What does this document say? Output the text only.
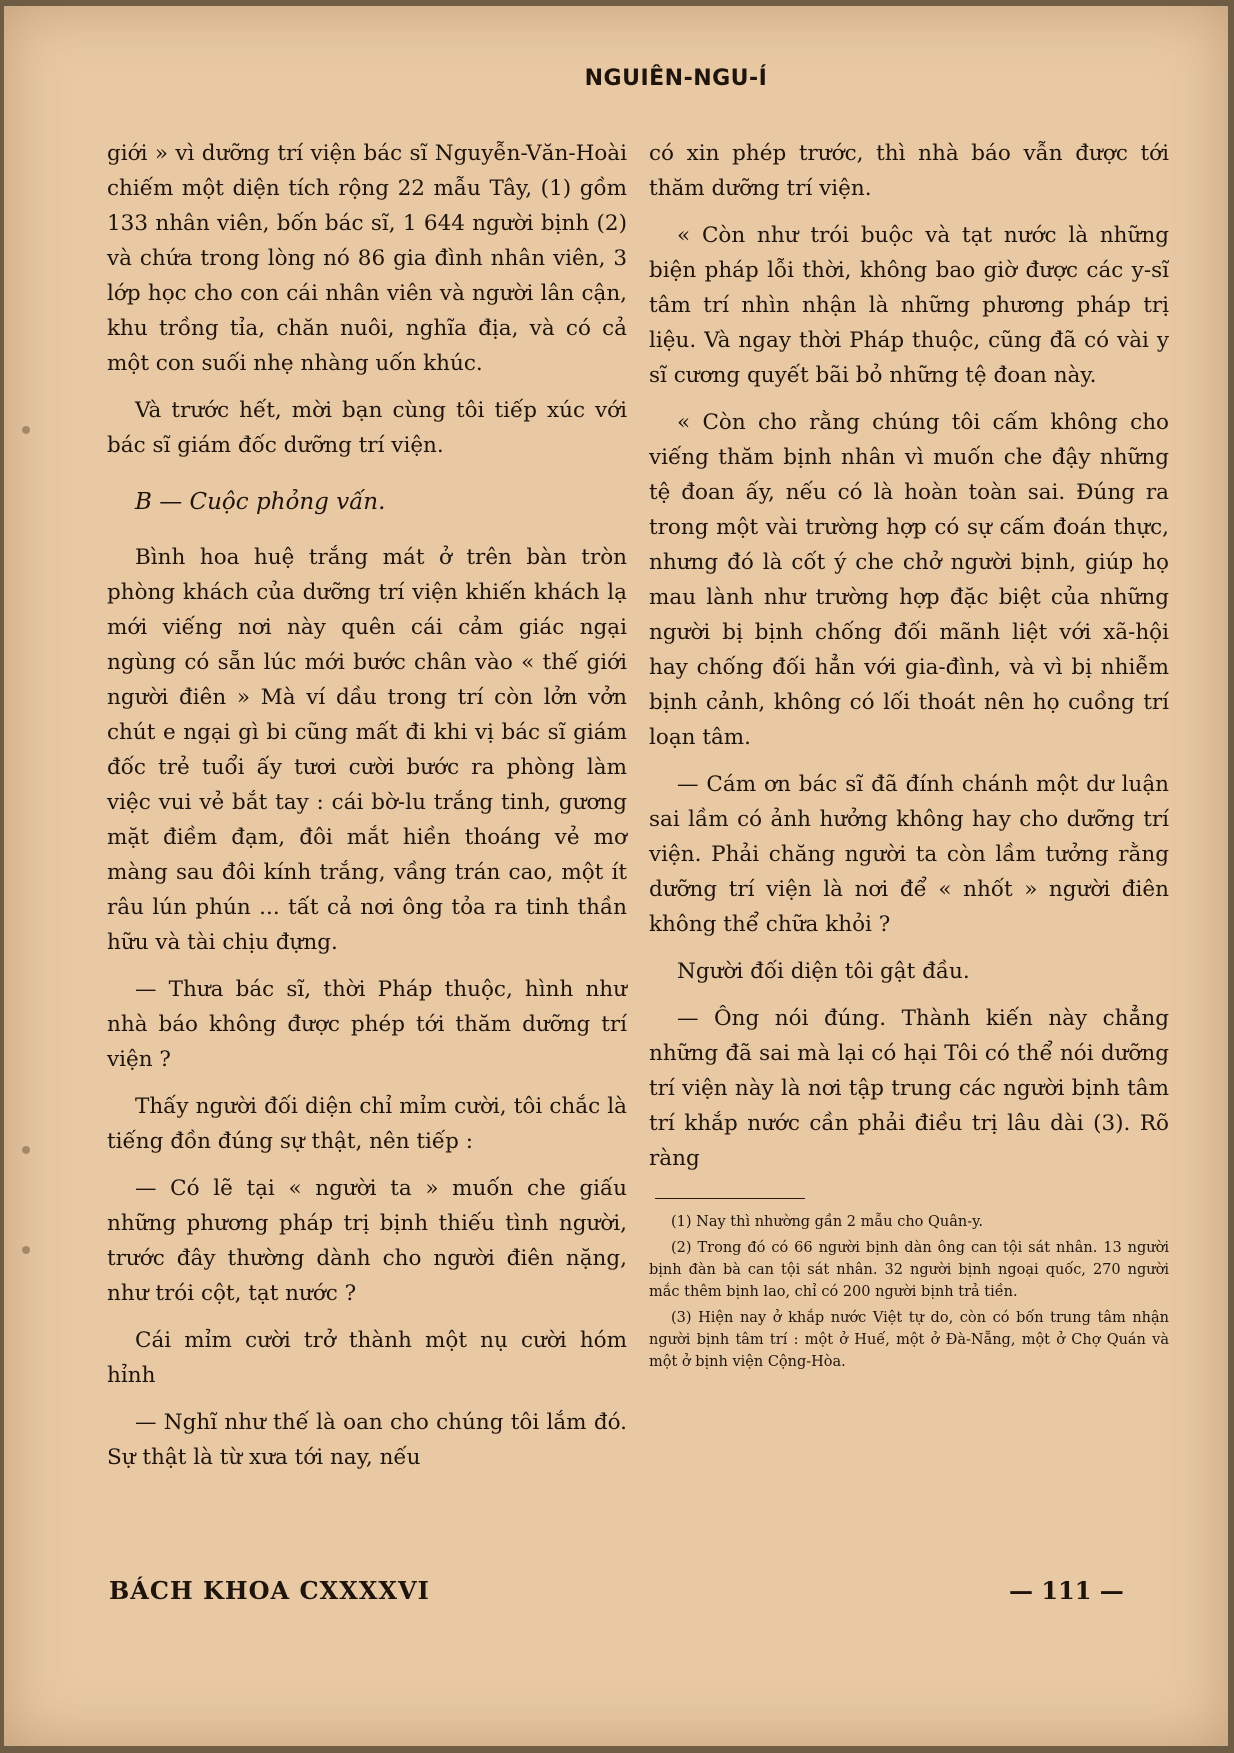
NGUIÊN-NGU-Í

giới » vì dưỡng trí viện bác sĩ Nguyễn-Văn-Hoài chiếm một diện tích rộng 22 mẫu Tây, (1) gồm 133 nhân viên, bốn bác sĩ, 1 644 người bịnh (2) và chứa trong lòng nó 86 gia đình nhân viên, 3 lớp học cho con cái nhân viên và người lân cận, khu trồng tỉa, chăn nuôi, nghĩa địa, và có cả một con suối nhẹ nhàng uốn khúc.

Và trước hết, mời bạn cùng tôi tiếp xúc với bác sĩ giám đốc dưỡng trí viện.

B — Cuộc phỏng vấn.

Bình hoa huệ trắng mát ở trên bàn tròn phòng khách của dưỡng trí viện khiến khách lạ mới viếng nơi này quên cái cảm giác ngại ngùng có sẵn lúc mới bước chân vào « thế giới người điên » Mà ví dầu trong trí còn lởn vởn chút e ngại gì bi cũng mất đi khi vị bác sĩ giám đốc trẻ tuổi ấy tươi cười bước ra phòng làm việc vui vẻ bắt tay : cái bờ-lu trắng tinh, gương mặt điềm đạm, đôi mắt hiền thoáng vẻ mơ màng sau đôi kính trắng, vầng trán cao, một ít râu lún phún ... tất cả nơi ông tỏa ra tinh thần hữu và tài chịu đựng.

— Thưa bác sĩ, thời Pháp thuộc, hình như nhà báo không được phép tới thăm dưỡng trí viện ?

Thấy người đối diện chỉ mỉm cười, tôi chắc là tiếng đồn đúng sự thật, nên tiếp :

— Có lẽ tại « người ta » muốn che giấu những phương pháp trị bịnh thiếu tình người, trước đây thường dành cho người điên nặng, như trói cột, tạt nước ?

Cái mỉm cười trở thành một nụ cười hóm hỉnh

— Nghĩ như thế là oan cho chúng tôi lắm đó. Sự thật là từ xưa tới nay, nếu

có xin phép trước, thì nhà báo vẫn được tới thăm dưỡng trí viện.

« Còn như trói buộc và tạt nước là những biện pháp lỗi thời, không bao giờ được các y-sĩ tâm trí nhìn nhận là những phương pháp trị liệu. Và ngay thời Pháp thuộc, cũng đã có vài y sĩ cương quyết bãi bỏ những tệ đoan này.

« Còn cho rằng chúng tôi cấm không cho viếng thăm bịnh nhân vì muốn che đậy những tệ đoan ấy, nếu có là hoàn toàn sai. Đúng ra trong một vài trường hợp có sự cấm đoán thực, nhưng đó là cốt ý che chở người bịnh, giúp họ mau lành như trường hợp đặc biệt của những người bị bịnh chống đối mãnh liệt với xã-hội hay chống đối hẳn với gia-đình, và vì bị nhiễm bịnh cảnh, không có lối thoát nên họ cuồng trí loạn tâm.

— Cám ơn bác sĩ đã đính chánh một dư luận sai lầm có ảnh hưởng không hay cho dưỡng trí viện. Phải chăng người ta còn lầm tưởng rằng dưỡng trí viện là nơi để « nhốt » người điên không thể chữa khỏi ?

Người đối diện tôi gật đầu.

— Ông nói đúng. Thành kiến này chẳng những đã sai mà lại có hại Tôi có thể nói dưỡng trí viện này là nơi tập trung các người bịnh tâm trí khắp nước cần phải điều trị lâu dài (3). Rõ ràng

(1) Nay thì nhường gần 2 mẫu cho Quân-y.

(2) Trong đó có 66 người bịnh dàn ông can tội sát nhân. 13 người bịnh đàn bà can tội sát nhân. 32 người bịnh ngoại quốc, 270 người mắc thêm bịnh lao, chỉ có 200 người bịnh trả tiền.

(3) Hiện nay ở khắp nước Việt tự do, còn có bốn trung tâm nhận người bịnh tâm trí : một ở Huế, một ở Đà-Nẵng, một ở Chợ Quán và một ở bịnh viện Cộng-Hòa.

BÁCH KHOA CXXXXVI	— 111 —
